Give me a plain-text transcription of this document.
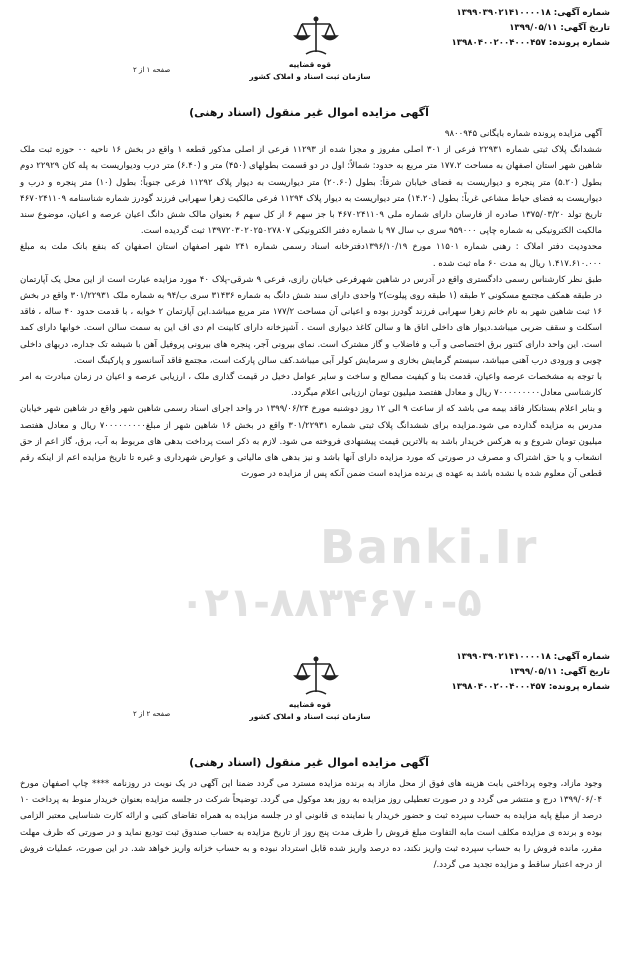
شماره آگهی: ۱۳۹۹۰۳۹۰۲۱۴۱۰۰۰۰۱۸
تاریخ آگهی: ۱۳۹۹/۰۵/۱۱
شماره پرونده: ۱۳۹۸۰۴۰۰۲۰۰۴۰۰۰۴۵۷
قوه قضاییه
سازمان ثبت اسناد و املاک کشور
صفحه ۱ از ۲
آگهی مزایده اموال غیر منقول (اسناد رهنی)

آگهی مزایده پرونده شماره بایگانی ۹۸۰۰۹۴۵

ششدانگ پلاک ثبتی شماره ۲۲۹۳۱ فرعی از ۳۰۱ اصلی مفروز و مجزا شده از ۱۱۲۹۳ فرعی از اصلی مذکور قطعه ۱ واقع در بخش ۱۶ ناحیه ۰۰ حوزه ثبت ملک شاهین شهر استان اصفهان به مساحت ۱۷۷.۲ متر مربع به حدود: شمالاً: اول در دو قسمت بطولهای (۴۵۰) متر و (۶.۴۰) متر درب ودیواریست به پله کان ۲۲۹۲۹ دوم بطول (۵.۲۰) متر پنجره و دیواریست به فضای خیابان شرقاً: بطول (۲۰.۶۰) متر دیواریست به دیوار پلاک ۱۱۲۹۲ فرعی جنوباً: بطول (۱۰) متر پنجره و درب و دیواریست به فضای حیاط مشاعی غرباً: بطول (۱۴.۲۰) متر دیواریست به دیوار پلاک ۱۱۲۹۴ فرعی مالکیت زهرا سهرابی فرزند گودرز شماره شناسنامه ۴۶۷۰۲۴۱۱۰۹ تاریخ تولد ۱۳۷۵/۰۳/۲۰ صادره از فارسان دارای شماره ملی ۴۶۷۰۲۴۱۱۰۹ با جز سهم ۶ از کل سهم ۶ بعنوان مالک شش دانگ اعیان عرصه و اعیان، موضوع سند مالکیت الکترونیکی به شماره چاپی ۹۵۹۰۰۰ سری ب سال ۹۷ با شماره دفتر الکترونیکی ۱۳۹۷۲۰۳۰۲۰۲۵۰۲۷۸۰۷ ثبت گردیده است.

محدودیت دفتر املاک : رهنی شماره ۱۱۵۰۱ مورخ ۱۳۹۶/۱۰/۱۹دفترخانه اسناد رسمی شماره ۲۴۱ شهر اصفهان استان اصفهان که بنفع بانک ملت به مبلغ ۱.۴۱۷.۶۱۰.۰۰۰ ریال به مدت ۶۰ ماه ثبت شده .

طبق نظر کارشناس رسمی دادگستری واقع در آدرس در شاهین شهرفرعی خیابان رازی، فرعی ۹ شرقی-پلاک ۴۰ مورد مزایده عبارت است از این محل یک آپارتمان در طبقه همکف مجتمع مسکونی ۲ طبقه (۱ طبقه روی پیلوت)۲ واحدی دارای سند شش دانگ به شماره ۳۱۴۳۶ سری ب/۹۴ به شماره ملک ۳۰۱/۲۲۹۳۱ واقع در بخش ۱۶ ثبت شاهین شهر به نام خانم زهرا سهرابی فرزند گودرز بوده و اعیانی آن مساحت ۱۷۷/۲ متر مربع میباشد.این آپارتمان ۲ خوابه ، با قدمت حدود ۴۰ ساله ، فاقد اسکلت و سقف ضربی میباشد.دیوار های داخلی اتاق ها و سالن کاغذ دیواری است . آشپزخانه دارای کابینت ام دی اف این به سمت سالن است. خوابها دارای کمد است. این واحد دارای کنتور برق اختصاصی و آب و فاضلاب و گاز مشترک است. نمای بیرونی آجر، پنجره های بیرونی پروفیل آهن با شیشه تک جداره، دربهای داخلی چوبی و ورودی درب آهنی میباشد، سیستم گرمایش بخاری و سرمایش کولر آبی میباشد.کف سالن پارکت است، مجتمع فاقد آسانسور و پارکینگ است.

با توجه به مشخصات عرصه واعیان، قدمت بنا و کیفیت مصالح و ساخت و سایر عوامل دخیل در قیمت گذاری ملک ، ارزیابی عرصه و اعیان در زمان مبادرت به امر کارشناسی معادل۷۰۰۰۰۰۰۰۰۰ ریال و معادل هفتصد میلیون تومان ارزیابی اعلام میگردد.

و بنابر اعلام بستانکار فاقد بیمه می باشد که از ساعت ۹ الی ۱۲ روز دوشنبه مورخ ۱۳۹۹/۰۶/۲۴ در واحد اجرای اسناد رسمی شاهین شهر واقع در شاهین شهر خیابان مدرس به مزایده گذارده می شود.مزایده برای ششدانگ پلاک ثبتی شماره ۳۰۱/۲۲۹۳۱ واقع در بخش ۱۶ شاهین شهر از مبلغ۷۰۰۰۰۰۰۰۰۰ ریال و معادل هفتصد میلیون تومان شروع و به هرکس خریدار باشد به بالاترین قیمت پیشنهادی فروخته می شود. لازم به ذکر است پرداخت بدهی های مربوط به آب، برق، گاز اعم از حق انشعاب و یا حق اشتراک و مصرف در صورتی که مورد مزایده دارای آنها باشد و نیز بدهی های مالیاتی و عوارض شهرداری و غیره تا تاریخ مزایده اعم از اینکه رقم قطعی آن معلوم شده یا نشده باشد به عهده ی برنده مزایده است ضمن آنکه پس از مزایده در صورت

شماره آگهی: ۱۳۹۹۰۳۹۰۲۱۴۱۰۰۰۰۱۸
تاریخ آگهی: ۱۳۹۹/۰۵/۱۱
شماره پرونده: ۱۳۹۸۰۴۰۰۲۰۰۴۰۰۰۴۵۷
قوه قضاییه
سازمان ثبت اسناد و املاک کشور
صفحه ۲ از ۲
آگهی مزایده اموال غیر منقول (اسناد رهنی)

وجود مازاد، وجوه پرداختی بابت هزینه های فوق از محل مازاد به برنده مزایده مسترد می گردد ضمنا این آگهی در یک نوبت در روزنامه **** چاپ اصفهان مورخ ۱۳۹۹/۰۶/۰۴ درج و منتشر می گردد و در صورت تعطیلی روز مزایده به روز بعد موکول می گردد. توضیحاً شرکت در جلسه مزایده بعنوان خریدار منوط به پرداخت ۱۰ درصد از مبلغ پایه مزایده به حساب سپرده ثبت و حضور خریدار یا نماینده ی قانونی او در جلسه مزایده به همراه تقاضای کتبی و ارائه کارت شناسایی معتبر الزامی بوده و برنده ی مزایده مکلف است مابه التفاوت مبلغ فروش را ظرف مدت پنج روز از تاریخ مزایده به حساب صندوق ثبت تودیع نماید و در صورتی که ظرف مهلت مقرر، مانده فروش را به حساب سپرده ثبت واریز نکند، ده درصد واریز شده قابل استرداد نبوده و به حساب خزانه واریز خواهد شد. در این صورت، عملیات فروش از درجه اعتبار ساقط و مزایده تجدید می گردد./

Banki.Ir
۰۲۱-۸۸۳۴۶۷۰-۵
